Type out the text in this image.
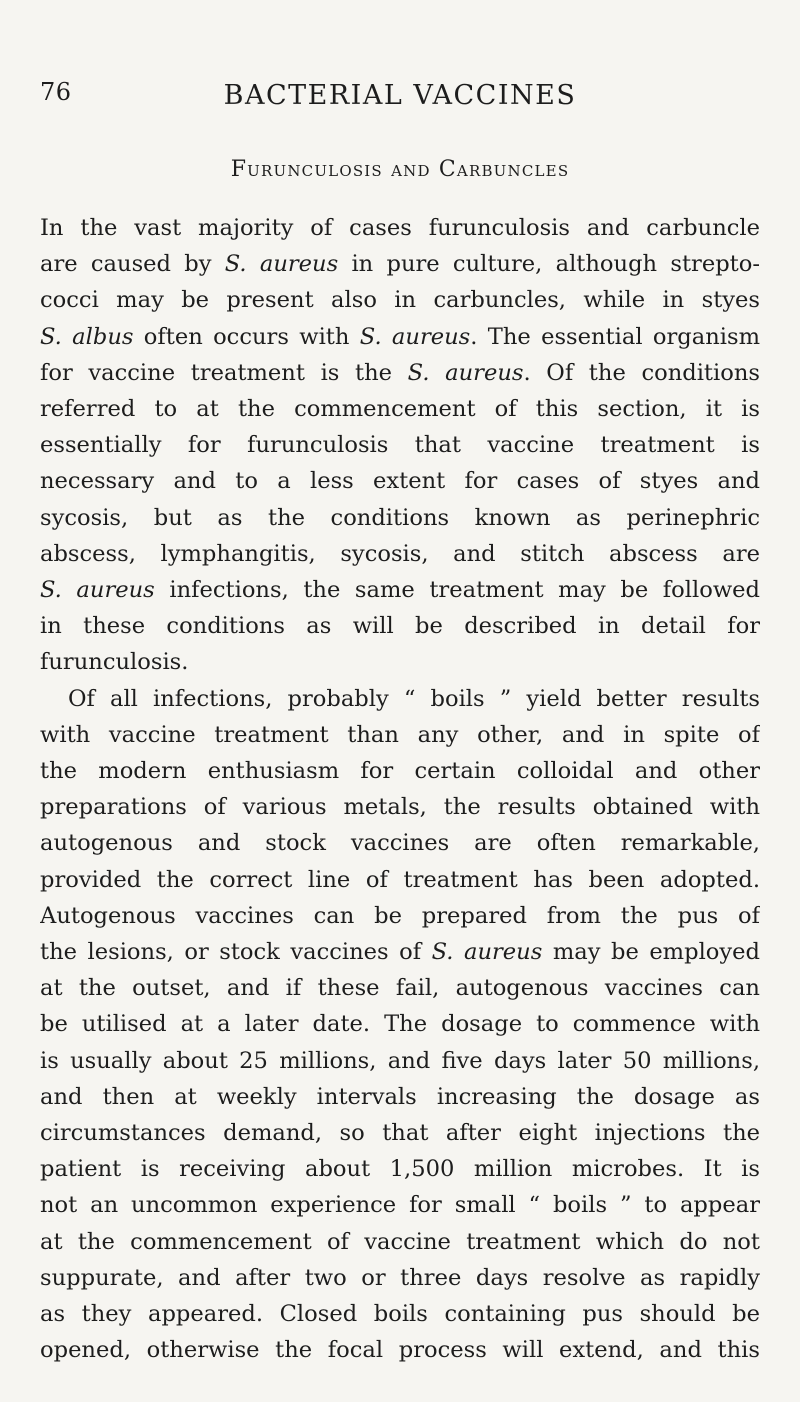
76	BACTERIAL VACCINES
Furunculosis and Carbuncles

In the vast majority of cases furunculosis and carbuncle
are caused by S. aureus in pure culture, although strepto-
cocci may be present also in carbuncles, while in styes
S. albus often occurs with S. aureus. The essential organism
for vaccine treatment is the S. aureus. Of the conditions
referred to at the commencement of this section, it is
essentially for furunculosis that vaccine treatment is
necessary and to a less extent for cases of styes and
sycosis, but as the conditions known as perinephric
abscess, lymphangitis, sycosis, and stitch abscess are
S. aureus infections, the same treatment may be followed
in these conditions as will be described in detail for
furunculosis.

Of all infections, probably “ boils ” yield better results
with vaccine treatment than any other, and in spite of
the modern enthusiasm for certain colloidal and other
preparations of various metals, the results obtained with
autogenous and stock vaccines are often remarkable,
provided the correct line of treatment has been adopted.
Autogenous vaccines can be prepared from the pus of
the lesions, or stock vaccines of S. aureus may be employed
at the outset, and if these fail, autogenous vaccines can
be utilised at a later date. The dosage to commence with
is usually about 25 millions, and five days later 50 millions,
and then at weekly intervals increasing the dosage as
circumstances demand, so that after eight injections the
patient is receiving about 1,500 million microbes. It is
not an uncommon experience for small “ boils ” to appear
at the commencement of vaccine treatment which do not
suppurate, and after two or three days resolve as rapidly
as they appeared. Closed boils containing pus should be
opened, otherwise the focal process will extend, and this
